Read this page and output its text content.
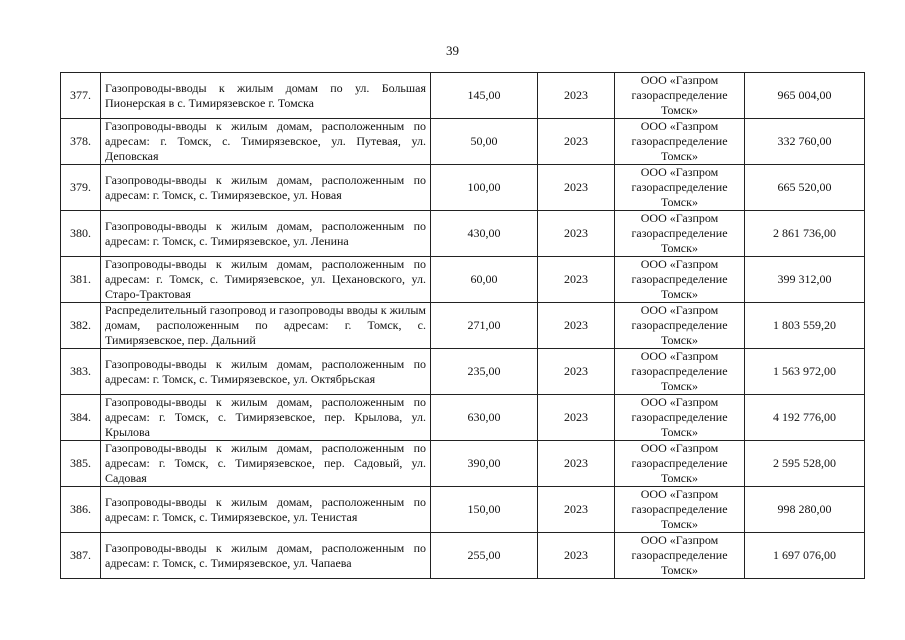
39
377.	Газопроводы-вводы к жилым домам по ул. Большая Пионерская в с. Тимирязевское г. Томска	145,00	2023	ООО «Газпром газораспределение Томск»	965 004,00
378.	Газопроводы-вводы к жилым домам, расположенным по адресам: г. Томск, с. Тимирязевское, ул. Путевая, ул. Деповская	50,00	2023	ООО «Газпром газораспределение Томск»	332 760,00
379.	Газопроводы-вводы к жилым домам, расположенным по адресам: г. Томск, с. Тимирязевское, ул. Новая	100,00	2023	ООО «Газпром газораспределение Томск»	665 520,00
380.	Газопроводы-вводы к жилым домам, расположенным по адресам: г. Томск, с. Тимирязевское, ул. Ленина	430,00	2023	ООО «Газпром газораспределение Томск»	2 861 736,00
381.	Газопроводы-вводы к жилым домам, расположенным по адресам: г. Томск, с. Тимирязевское, ул. Цехановского, ул. Старо-Трактовая	60,00	2023	ООО «Газпром газораспределение Томск»	399 312,00
382.	Распределительный газопровод и газопроводы вводы к жилым домам, расположенным по адресам: г. Томск, с. Тимирязевское, пер. Дальний	271,00	2023	ООО «Газпром газораспределение Томск»	1 803 559,20
383.	Газопроводы-вводы к жилым домам, расположенным по адресам: г. Томск, с. Тимирязевское, ул. Октябрьская	235,00	2023	ООО «Газпром газораспределение Томск»	1 563 972,00
384.	Газопроводы-вводы к жилым домам, расположенным по адресам: г. Томск, с. Тимирязевское, пер. Крылова, ул. Крылова	630,00	2023	ООО «Газпром газораспределение Томск»	4 192 776,00
385.	Газопроводы-вводы к жилым домам, расположенным по адресам: г. Томск, с. Тимирязевское, пер. Садовый, ул. Садовая	390,00	2023	ООО «Газпром газораспределение Томск»	2 595 528,00
386.	Газопроводы-вводы к жилым домам, расположенным по адресам: г. Томск, с. Тимирязевское, ул. Тенистая	150,00	2023	ООО «Газпром газораспределение Томск»	998 280,00
387.	Газопроводы-вводы к жилым домам, расположенным по адресам: г. Томск, с. Тимирязевское, ул. Чапаева	255,00	2023	ООО «Газпром газораспределение Томск»	1 697 076,00
